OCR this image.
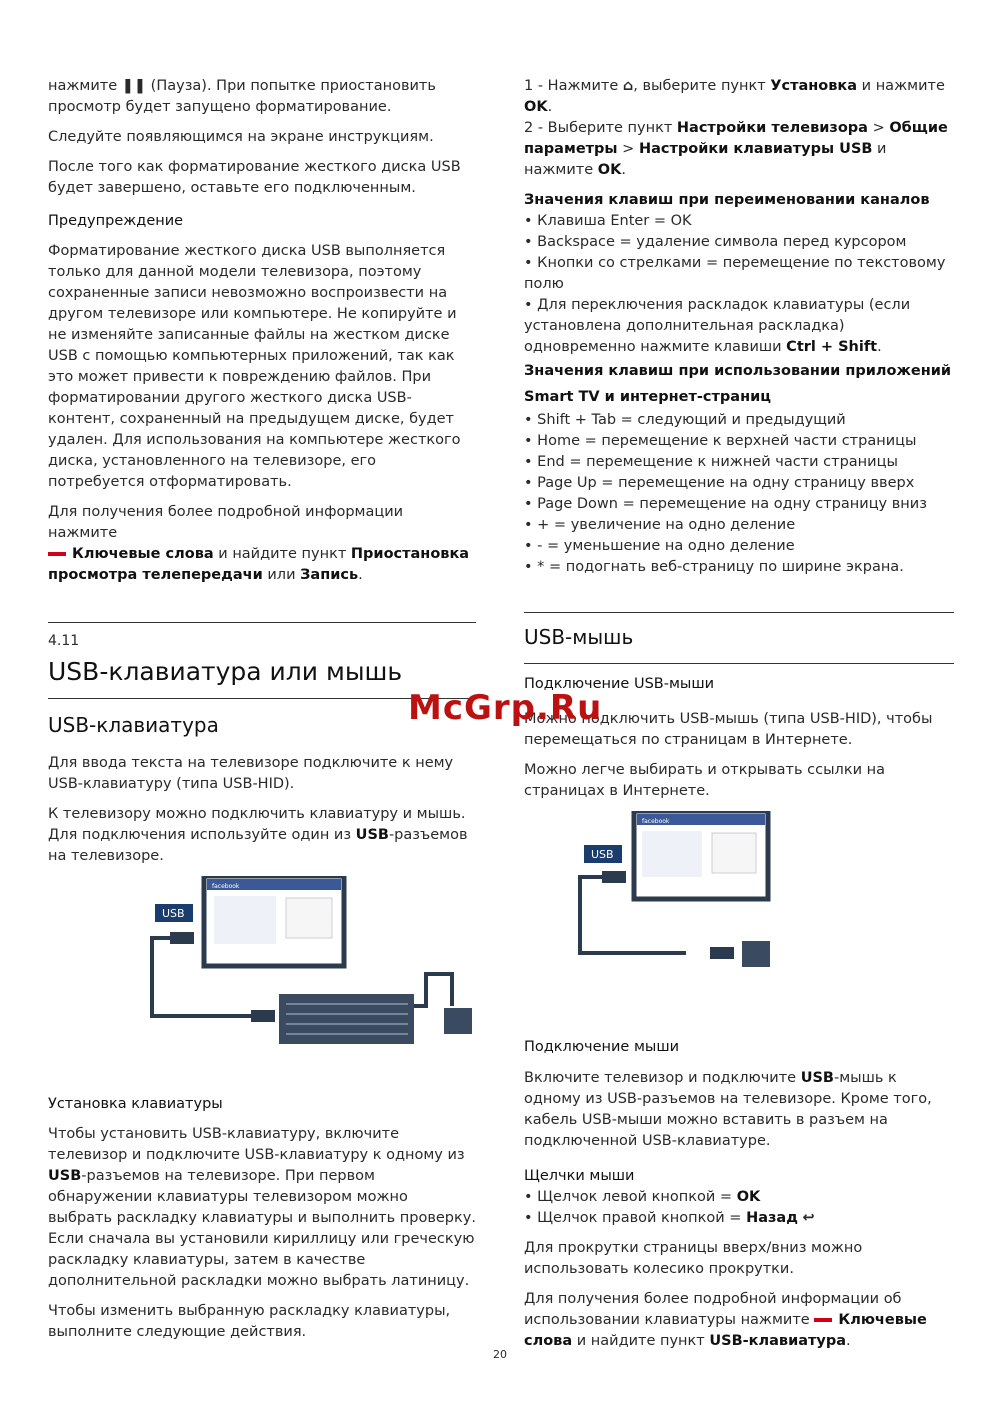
нажмите ❚❚ (Пауза). При попытке приостановить просмотр будет запущено форматирование.

Следуйте появляющимся на экране инструкциям.

После того как форматирование жесткого диска USB будет завершено, оставьте его подключенным.

Предупреждение

Форматирование жесткого диска USB выполняется только для данной модели телевизора, поэтому сохраненные записи невозможно воспроизвести на другом телевизоре или компьютере. Не копируйте и не изменяйте записанные файлы на жестком диске USB с помощью компьютерных приложений, так как это может привести к повреждению файлов. При форматировании другого жесткого диска USB-контент, сохраненный на предыдущем диске, будет удален. Для использования на компьютере жесткого диска, установленного на телевизоре, его потребуется отформатировать.

Для получения более подробной информации нажмите
Ключевые слова и найдите пункт Приостановка просмотра телепередачи или Запись.

4.11
USB-клавиатура или мышь
USB-клавиатура

Для ввода текста на телевизоре подключите к нему USB-клавиатуру (типа USB-HID).

К телевизору можно подключить клавиатуру и мышь.
Для подключения используйте один из USB-разъемов на телевизоре.

facebook
USB
Установка клавиатуры

Чтобы установить USB-клавиатуру, включите телевизор и подключите USB-клавиатуру к одному из USB-разъемов на телевизоре. При первом обнаружении клавиатуры телевизором можно выбрать раскладку клавиатуры и выполнить проверку. Если сначала вы установили кириллицу или греческую раскладку клавиатуры, затем в качестве дополнительной раскладки можно выбрать латиницу.

Чтобы изменить выбранную раскладку клавиатуры, выполните следующие действия.

1 - Нажмите ⌂, выберите пункт Установка и нажмите OK.
2 - Выберите пункт Настройки телевизора > Общие параметры > Настройки клавиатуры USB и нажмите OK.
Значения клавиш при переименовании каналов
• Клавиша Enter = OK
• Backspace = удаление символа перед курсором
• Кнопки со стрелками = перемещение по текстовому полю
• Для переключения раскладок клавиатуры (если установлена дополнительная раскладка) одновременно нажмите клавиши Ctrl + Shift.
Значения клавиш при использовании приложений Smart TV и интернет-страниц
• Shift + Tab = следующий и предыдущий
• Home = перемещение к верхней части страницы
• End = перемещение к нижней части страницы
• Page Up = перемещение на одну страницу вверх
• Page Down = перемещение на одну страницу вниз
• + = увеличение на одно деление
• - = уменьшение на одно деление
• * = подогнать веб-страницу по ширине экрана.
USB-мышь
Подключение USB-мыши

Можно подключить USB-мышь (типа USB-HID), чтобы перемещаться по страницам в Интернете.

Можно легче выбирать и открывать ссылки на страницах в Интернете.

facebook
USB
Подключение мыши

Включите телевизор и подключите USB-мышь к одному из USB-разъемов на телевизоре. Кроме того, кабель USB-мыши можно вставить в разъем на подключенной USB-клавиатуре.

Щелчки мыши
• Щелчок левой кнопкой = OK
• Щелчок правой кнопкой = Назад ↩

Для прокрутки страницы вверх/вниз можно использовать колесико прокрутки.

Для получения более подробной информации об использовании клавиатуры нажмите Ключевые слова и найдите пункт USB-клавиатура.

McGrp.Ru
20
